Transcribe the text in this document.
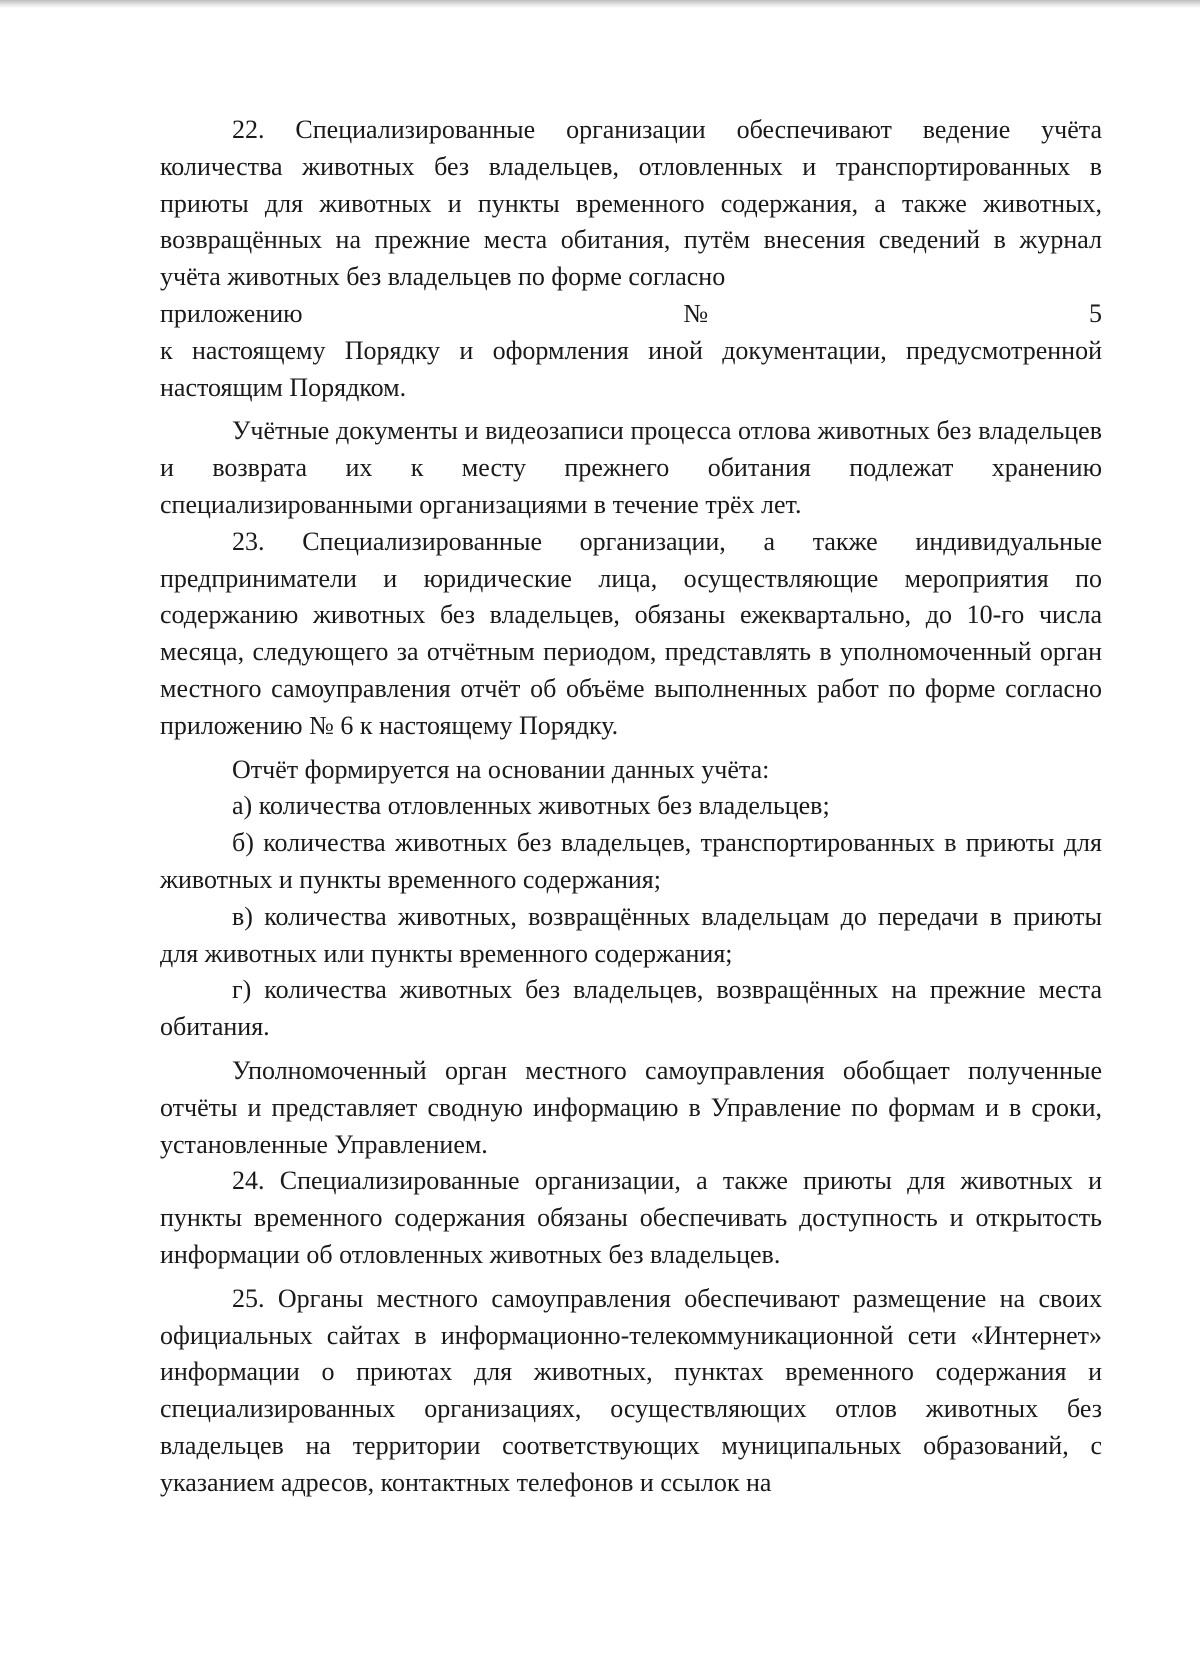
22. Специализированные организации обеспечивают ведение учёта количества животных без владельцев, отловленных и транспортированных в приюты для животных и пункты временного содержания, а также животных, возвращённых на прежние места обитания, путём внесения сведений в журнал учёта животных без владельцев по форме согласно

приложению	№	5

к настоящему Порядку и оформления иной документации, предусмотренной настоящим Порядком.

Учётные документы и видеозаписи процесса отлова животных без владельцев и возврата их к месту прежнего обитания подлежат хранению специализированными организациями в течение трёх лет.

23. Специализированные организации, а также индивидуальные предприниматели и юридические лица, осуществляющие мероприятия по содержанию животных без владельцев, обязаны ежеквартально, до 10-го числа месяца, следующего за отчётным периодом, представлять в уполномоченный орган местного самоуправления отчёт об объёме выполненных работ по форме согласно приложению № 6 к настоящему Порядку.

Отчёт формируется на основании данных учёта:

а) количества отловленных животных без владельцев;

б) количества животных без владельцев, транспортированных в приюты для животных и пункты временного содержания;

в) количества животных, возвращённых владельцам до передачи в приюты для животных или пункты временного содержания;

г) количества животных без владельцев, возвращённых на прежние места обитания.

Уполномоченный орган местного самоуправления обобщает полученные отчёты и представляет сводную информацию в Управление по формам и в сроки, установленные Управлением.

24. Специализированные организации, а также приюты для животных и пункты временного содержания обязаны обеспечивать доступность и открытость информации об отловленных животных без владельцев.

25. Органы местного самоуправления обеспечивают размещение на своих официальных сайтах в информационно-телекоммуникационной сети «Интернет» информации о приютах для животных, пунктах временного содержания и специализированных организациях, осуществляющих отлов животных без владельцев на территории соответствующих муниципальных образований, с указанием адресов, контактных телефонов и ссылок на
